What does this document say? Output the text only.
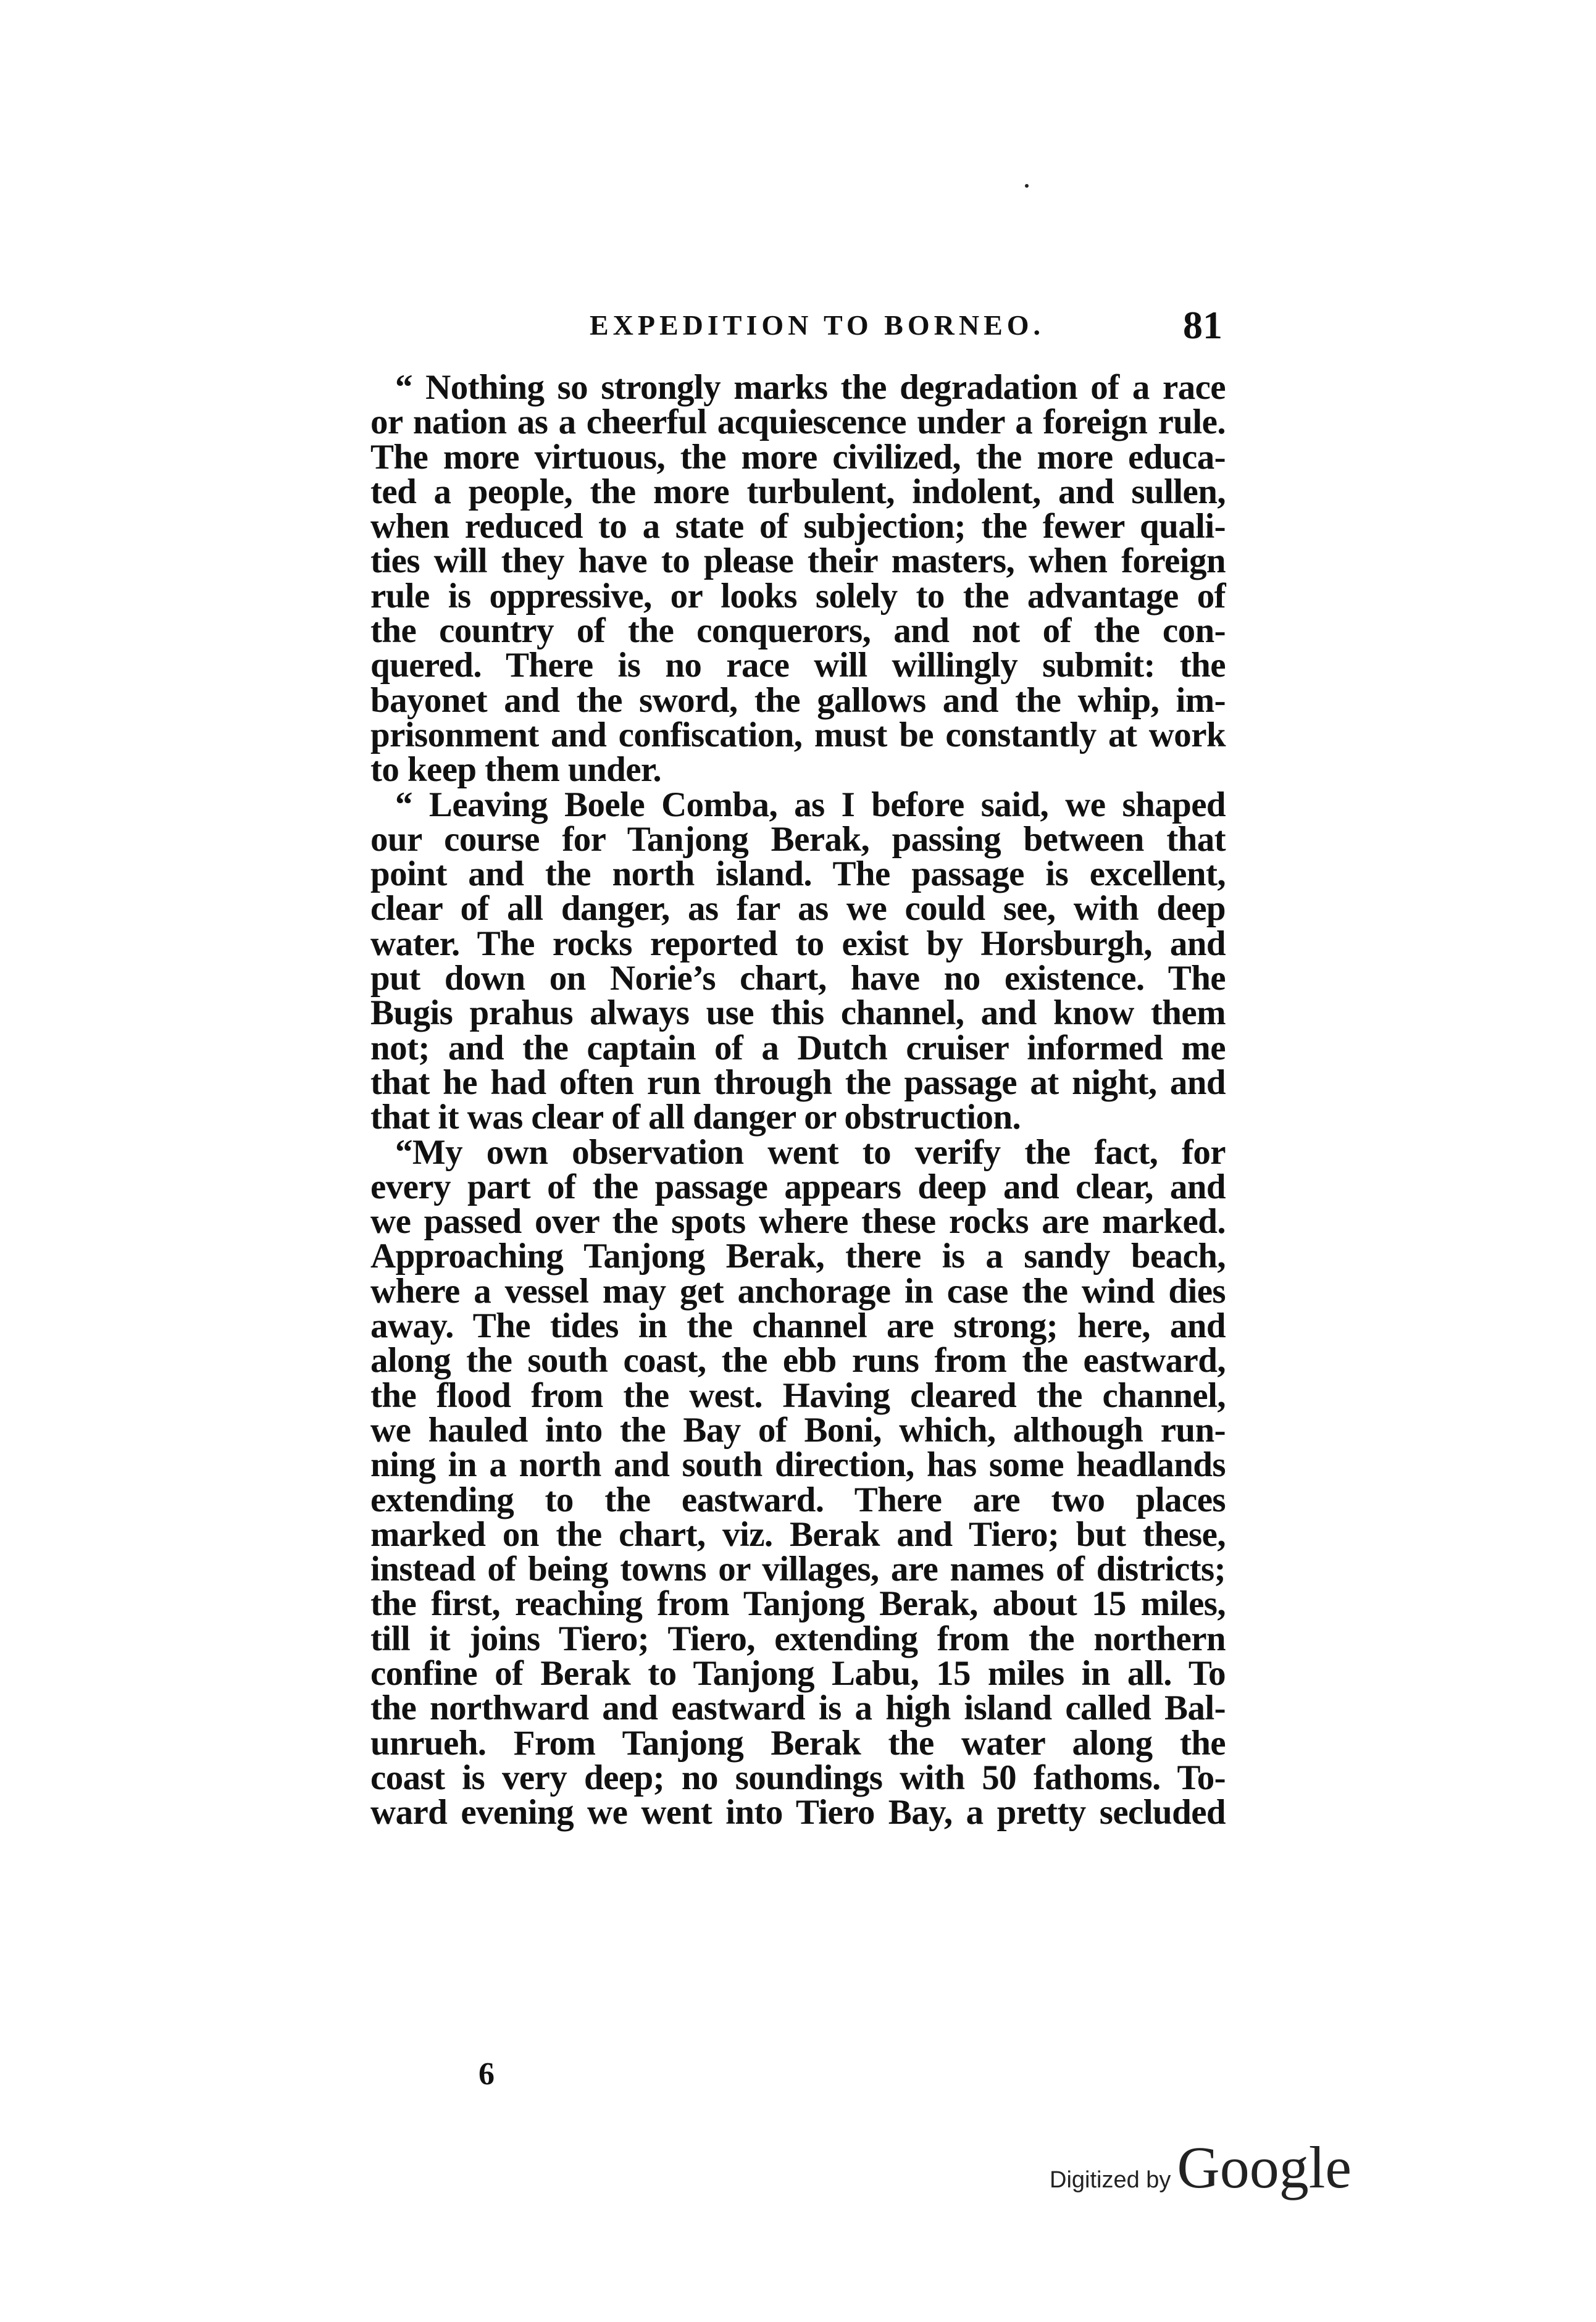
EXPEDITION TO BORNEO.	81

“ Nothing so strongly marks the degradation of a race
or nation as a cheerful acquiescence under a foreign rule.
The more virtuous, the more civilized, the more educa-
ted a people, the more turbulent, indolent, and sullen,
when reduced to a state of subjection; the fewer quali-
ties will they have to please their masters, when foreign
rule is oppressive, or looks solely to the advantage of
the country of the conquerors, and not of the con-
quered. There is no race will willingly submit: the
bayonet and the sword, the gallows and the whip, im-
prisonment and confiscation, must be constantly at work
to keep them under.

“ Leaving Boele Comba, as I before said, we shaped
our course for Tanjong Berak, passing between that
point and the north island. The passage is excellent,
clear of all danger, as far as we could see, with deep
water. The rocks reported to exist by Horsburgh, and
put down on Norie’s chart, have no existence. The
Bugis prahus always use this channel, and know them
not; and the captain of a Dutch cruiser informed me
that he had often run through the passage at night, and
that it was clear of all danger or obstruction.

“My own observation went to verify the fact, for
every part of the passage appears deep and clear, and
we passed over the spots where these rocks are marked.
Approaching Tanjong Berak, there is a sandy beach,
where a vessel may get anchorage in case the wind dies
away. The tides in the channel are strong; here, and
along the south coast, the ebb runs from the eastward,
the flood from the west. Having cleared the channel,
we hauled into the Bay of Boni, which, although run-
ning in a north and south direction, has some headlands
extending to the eastward. There are two places
marked on the chart, viz. Berak and Tiero; but these,
instead of being towns or villages, are names of districts;
the first, reaching from Tanjong Berak, about 15 miles,
till it joins Tiero; Tiero, extending from the northern
confine of Berak to Tanjong Labu, 15 miles in all. To
the northward and eastward is a high island called Bal-
unrueh. From Tanjong Berak the water along the
coast is very deep; no soundings with 50 fathoms. To-
ward evening we went into Tiero Bay, a pretty secluded

6
Digitized by Google
